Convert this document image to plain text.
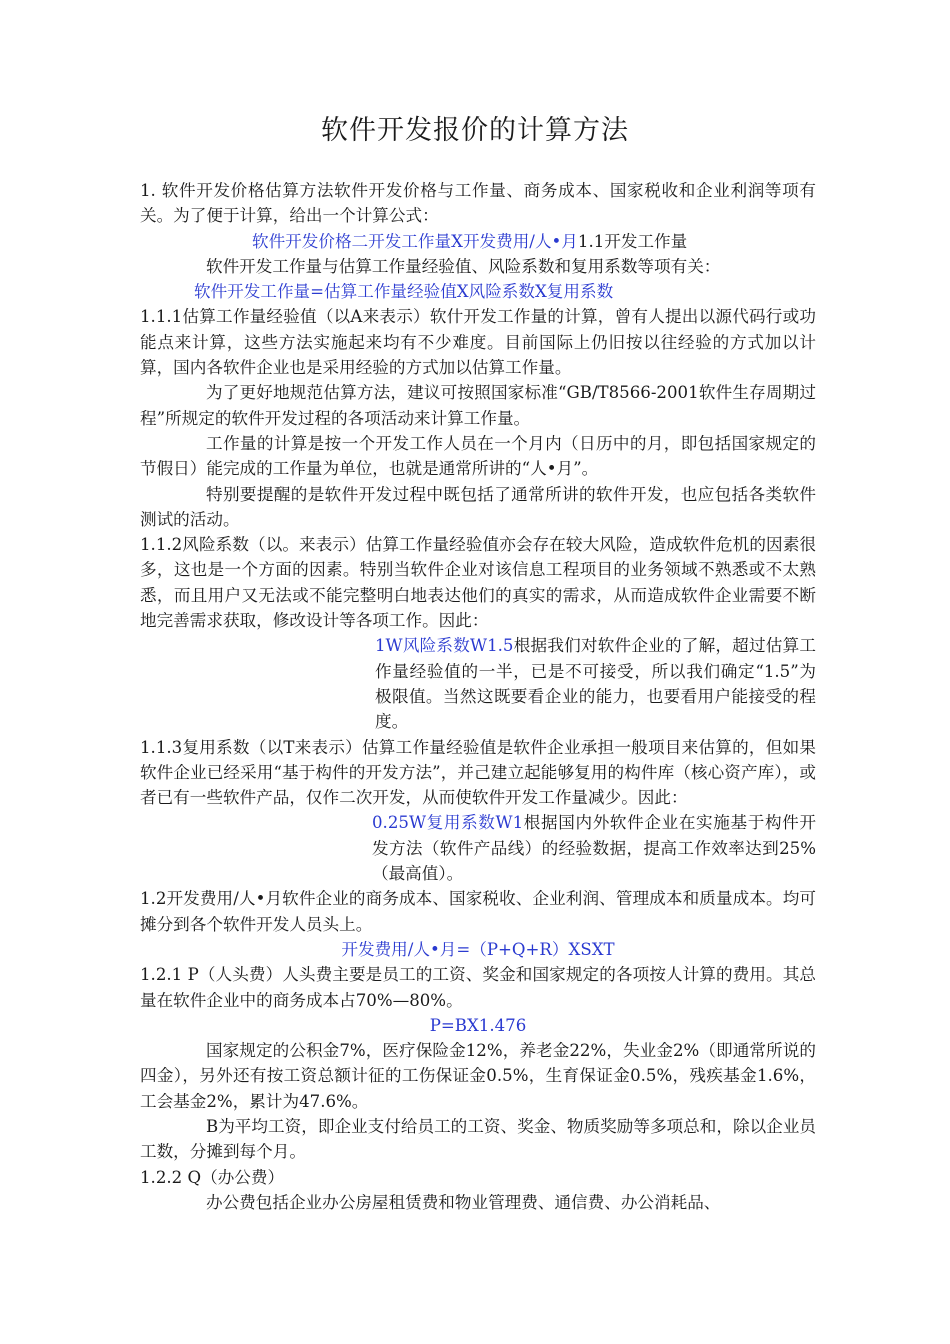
软件开发报价的计算方法

1. 软件开发价格估算方法软件开发价格与工作量、商务成本、国家税收和企业利润等项有关。为了便于计算，给出一个计算公式：

软件开发价格二开发工作量X开发费用/人•月1.1开发工作量

软件开发工作量与估算工作量经验值、风险系数和复用系数等项有关：

软件开发工作量=估算工作量经验值X风险系数X复用系数

1.1.1估算工作量经验值（以A来表示）软什开发工作量的计算，曾有人提出以源代码行或功能点来计算，这些方法实施起来均有不少难度。目前国际上仍旧按以往经验的方式加以计算，国内各软件企业也是采用经验的方式加以估算工作量。

为了更好地规范估算方法，建议可按照国家标准“GB/T8566-2001软件生存周期过程”所规定的软件开发过程的各项活动来计算工作量。

工作量的计算是按一个开发工作人员在一个月内（日历中的月，即包括国家规定的节假日）能完成的工作量为单位，也就是通常所讲的“人•月”。

特别要提醒的是软件开发过程中既包括了通常所讲的软件开发，也应包括各类软件测试的活动。

1.1.2风险系数（以。来表示）估算工作量经验值亦会存在较大风险，造成软件危机的因素很多，这也是一个方面的因素。特别当软件企业对该信息工程项目的业务领域不熟悉或不太熟悉，而且用户又无法或不能完整明白地表达他们的真实的需求，从而造成软件企业需要不断地完善需求获取，修改设计等各项工作。因此：

1W风险系数W1.5根据我们对软件企业的了解，超过估算工作量经验值的一半，已是不可接受，所以我们确定“1.5”为极限值。当然这既要看企业的能力，也要看用户能接受的程度。

1.1.3复用系数（以T来表示）估算工作量经验值是软件企业承担一般项目来估算的，但如果软件企业已经采用“基于构件的开发方法”，并己建立起能够复用的构件库（核心资产库），或者已有一些软件产品，仅作二次开发，从而使软件开发工作量减少。因此：

0.25W复用系数W1根据国内外软件企业在实施基于构件开发方法（软件产品线）的经验数据，提高工作效率达到25%（最高值）。

1.2开发费用/人•月软件企业的商务成本、国家税收、企业利润、管理成本和质量成本。均可摊分到各个软件开发人员头上。

开发费用/人•月=（P+Q+R）XSXT

1.2.1 P（人头费）人头费主要是员工的工资、奖金和国家规定的各项按人计算的费用。其总量在软件企业中的商务成本占70%—80%。

P=BX1.476

国家规定的公积金7%，医疗保险金12%，养老金22%，失业金2%（即通常所说的四金），另外还有按工资总额计征的工伤保证金0.5%，生育保证金0.5%，残疾基金1.6%，工会基金2%，累计为47.6%。

B为平均工资，即企业支付给员工的工资、奖金、物质奖励等多项总和，除以企业员工数，分摊到每个月。

1.2.2 Q（办公费）

办公费包括企业办公房屋租赁费和物业管理费、通信费、办公消耗品、
